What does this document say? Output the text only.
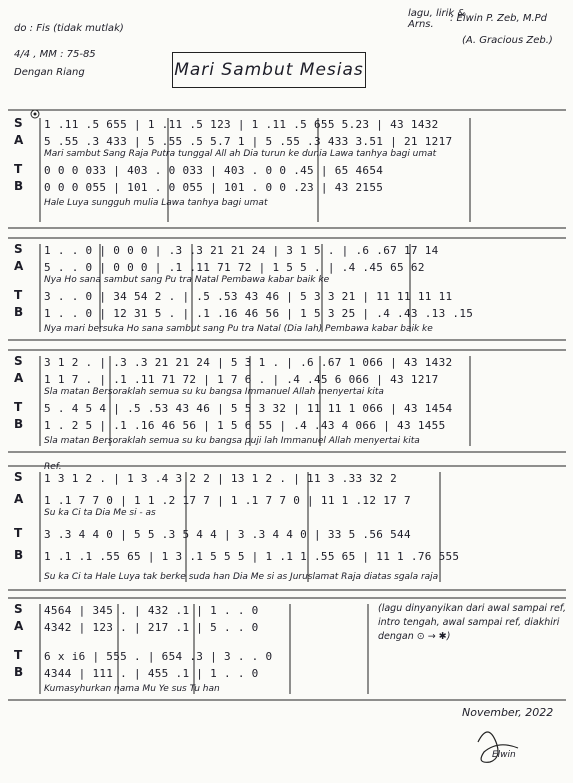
do : Fis (tidak mutlak)
4/4 , MM : 75-85
Dengan Riang
lagu, lirik & Arns.
: Elwin P. Zeb, M.Pd
(A. Gracious Zeb.)
Mari Sambut Mesias
S
A
T
B
1 .11 .5 655 | 1 .11 .5 123 | 1 .11 .5 655 5.23 | 43 1432
5 .55 .3 433 | 5 .55 .5 5.7 1 | 5 .55 .3 433 3.51 | 21 1217
Mari sambut Sang Raja Putra tunggal All ah Dia turun ke dunia Lawa tanhya bagi umat
0 0 0 033 | 403 . 0 033 | 403 . 0 0 .45 | 65 4654
0 0 0 055 | 101 . 0 055 | 101 . 0 0 .23 | 43 2155
Hale Luya sungguh mulia Lawa tanhya bagi umat
S
A
T
B
1 . . 0 | 0 0 0 | .3 .3 21 21 24 | 3 1 5 . | .6 .67 17 14
5 . . 0 | 0 0 0 | .1 .11 71 72 | 1 5 5 . | .4 .45 65 62
Nya Ho sana sambut sang Pu tra Natal Pembawa kabar baik ke
3 . . 0 | 34 54 2 . | .5 .53 43 46 | 5 3 3 21 | 11 11 11 11
1 . . 0 | 12 31 5 . | .1 .16 46 56 | 1 5 3 25 | .4 .43 .13 .15
Nya mari bersuka Ho sana sambut sang Pu tra Natal (Dia lah) Pembawa kabar baik ke
S
A
T
B
3 1 2 . | .3 .3 21 21 24 | 5 3 1 . | .6 .67 1 066 | 43 1432
1 1 7 . | .1 .11 71 72 | 1 7 6 . | .4 .45 6 066 | 43 1217
Sla matan Bersoraklah semua su ku bangsa Immanuel Allah menyertai kita
5 . 4 5 4 | .5 .53 43 46 | 5 5 3 32 | 11 11 1 066 | 43 1454
1 . 2 5 | .1 .16 46 56 | 1 5 6 55 | .4 .43 4 066 | 43 1455
Sla matan Bersoraklah semua su ku bangsa puji lah Immanuel Allah menyertai kita
S
A
T
B
1 3 1 2 . | 1 3 .4 3 2 2 | 13 1 2 . | 11 3 .33 32 2
1 .1 7 7 0 | 1 1 .2 17 7 | 1 .1 7 7 0 | 11 1 .12 17 7
Su ka Ci ta Dia Me si - as
3 .3 4 4 0 | 5 5 .3 5 4 4 | 3 .3 4 4 0 | 33 5 .56 544
1 .1 .1 .55 65 | 1 3 .1 5 5 5 | 1 .1 1 .55 65 | 11 1 .76 555
Su ka Ci ta Hale Luya tak berke suda han Dia Me si as Juruslamat Raja diatas sgala raja
Ref.
S
A
T
B
4564 | 345 . | 432 .1 | 1 . . 0
4342 | 123 . | 217 .1 | 5 . . 0
6 x i6 | 555 . | 654 .3 | 3 . . 0
4344 | 111 . | 455 .1 | 1 . . 0
Kumasyhurkan nama Mu Ye sus Tu han
(lagu dinyanyikan dari awal sampai ref, intro tengah, awal sampai ref, diakhiri dengan ⊙ → ✱)
November, 2022
Elwin
